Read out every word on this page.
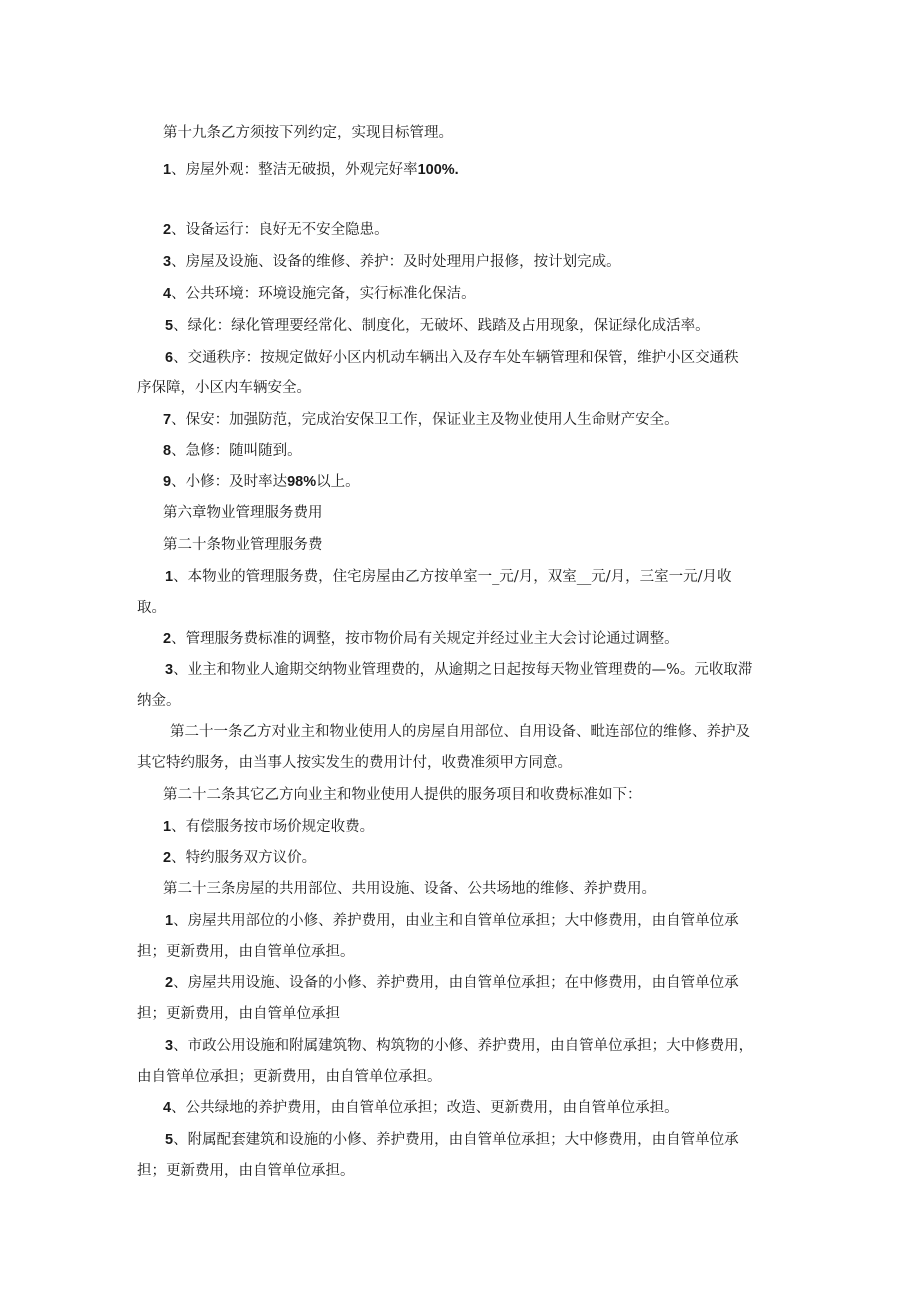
第十九条乙方须按下列约定，实现目标管理。
1、房屋外观：整洁无破损，外观完好率100%.
2、设备运行：良好无不安全隐患。
3、房屋及设施、设备的维修、养护：及时处理用户报修，按计划完成。
4、公共环境：环境设施完备，实行标准化保洁。
5、绿化：绿化管理要经常化、制度化，无破坏、践踏及占用现象，保证绿化成活率。
6、交通秩序：按规定做好小区内机动车辆出入及存车处车辆管理和保管，维护小区交通秩
序保障，小区内车辆安全。
7、保安：加强防范，完成治安保卫工作，保证业主及物业使用人生命财产安全。
8、急修：随叫随到。
9、小修：及时率达98%以上。
第六章物业管理服务费用
第二十条物业管理服务费
1、本物业的管理服务费，住宅房屋由乙方按单室一_元/月，双室__元/月，三室一元/月收
取。
2、管理服务费标准的调整，按市物价局有关规定并经过业主大会讨论通过调整。
3、业主和物业人逾期交纳物业管理费的，从逾期之日起按每天物业管理费的—%。元收取滞
纳金。
第二十一条乙方对业主和物业使用人的房屋自用部位、自用设备、毗连部位的维修、养护及
其它特约服务，由当事人按实发生的费用计付，收费准须甲方同意。
第二十二条其它乙方向业主和物业使用人提供的服务项目和收费标准如下：
1、有偿服务按市场价规定收费。
2、特约服务双方议价。
第二十三条房屋的共用部位、共用设施、设备、公共场地的维修、养护费用。
1、房屋共用部位的小修、养护费用，由业主和自管单位承担；大中修费用，由自管单位承
担；更新费用，由自管单位承担。
2、房屋共用设施、设备的小修、养护费用，由自管单位承担；在中修费用，由自管单位承
担；更新费用，由自管单位承担
3、市政公用设施和附属建筑物、构筑物的小修、养护费用，由自管单位承担；大中修费用，
由自管单位承担；更新费用，由自管单位承担。
4、公共绿地的养护费用，由自管单位承担；改造、更新费用，由自管单位承担。
5、附属配套建筑和设施的小修、养护费用，由自管单位承担；大中修费用，由自管单位承
担；更新费用，由自管单位承担。
